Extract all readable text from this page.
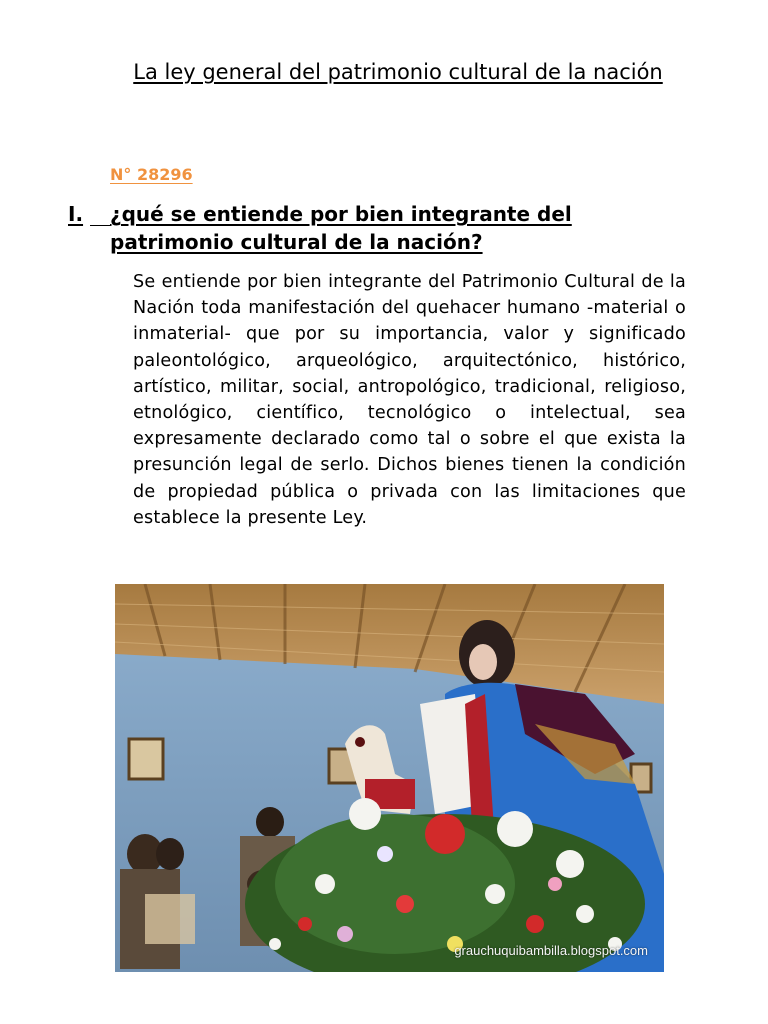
La ley general del patrimonio cultural de la nación
N° 28296
I. ¿qué se entiende por bien integrante del patrimonio cultural de la nación?
Se entiende por bien integrante del Patrimonio Cultural de la Nación toda manifestación del quehacer humano -material o inmaterial- que por su importancia, valor y significado paleontológico, arqueológico, arquitectónico, histórico, artístico, militar, social, antropológico, tradicional, religioso, etnológico, científico, tecnológico o intelectual, sea expresamente declarado como tal o sobre el que exista la presunción legal de serlo. Dichos bienes tienen la condición de propiedad pública o privada con las limitaciones que establece la presente Ley.
grauchuquibambilla.blogspot.com
